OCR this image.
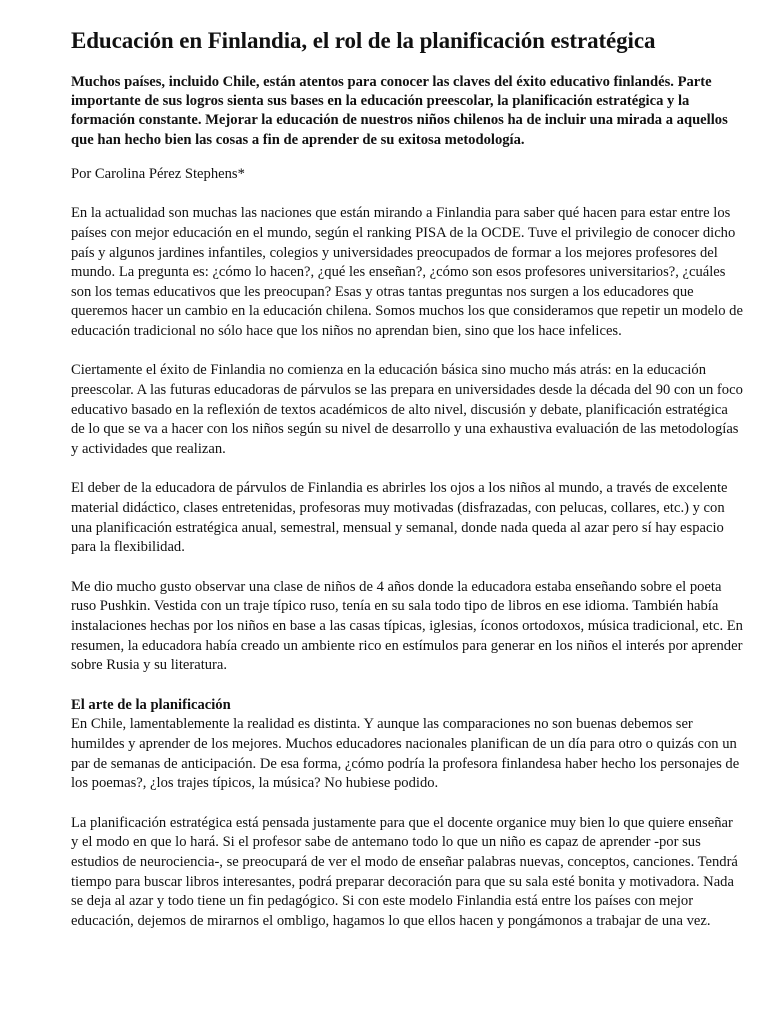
Educación en Finlandia, el rol de la planificación estratégica

Muchos países, incluido Chile, están atentos para conocer las claves del éxito educativo finlandés. Parte importante de sus logros sienta sus bases en la educación preescolar, la planificación estratégica y la formación constante. Mejorar la educación de nuestros niños chilenos ha de incluir una mirada a aquellos que han hecho bien las cosas a fin de aprender de su exitosa metodología.

Por Carolina Pérez Stephens*

En la actualidad son muchas las naciones que están mirando a Finlandia para saber qué hacen para estar entre los países con mejor educación en el mundo, según el ranking PISA de la OCDE. Tuve el privilegio de conocer dicho país y algunos jardines infantiles, colegios y universidades preocupados de formar a los mejores profesores del mundo. La pregunta es: ¿cómo lo hacen?, ¿qué les enseñan?, ¿cómo son esos profesores universitarios?, ¿cuáles son los temas educativos que les preocupan? Esas y otras tantas preguntas nos surgen a los educadores que queremos hacer un cambio en la educación chilena. Somos muchos los que consideramos que repetir un modelo de educación tradicional no sólo hace que los niños no aprendan bien, sino que los hace infelices.

Ciertamente el éxito de Finlandia no comienza en la educación básica sino mucho más atrás: en la educación preescolar. A las futuras educadoras de párvulos se las prepara en universidades desde la década del 90 con un foco educativo basado en la reflexión de textos académicos de alto nivel, discusión y debate, planificación estratégica de lo que se va a hacer con los niños según su nivel de desarrollo y una exhaustiva evaluación de las metodologías y actividades que realizan.

El deber de la educadora de párvulos de Finlandia es abrirles los ojos a los niños al mundo, a través de excelente material didáctico, clases entretenidas, profesoras muy motivadas (disfrazadas, con pelucas, collares, etc.) y con una planificación estratégica anual, semestral, mensual y semanal, donde nada queda al azar pero sí hay espacio para la flexibilidad.

Me dio mucho gusto observar una clase de niños de 4 años donde la educadora estaba enseñando sobre el poeta ruso Pushkin. Vestida con un traje típico ruso, tenía en su sala todo tipo de libros en ese idioma. También había instalaciones hechas por los niños en base a las casas típicas, iglesias, íconos ortodoxos, música tradicional, etc. En resumen, la educadora había creado un ambiente rico en estímulos para generar en los niños el interés por aprender sobre Rusia y su literatura.

El arte de la planificación

En Chile, lamentablemente la realidad es distinta. Y aunque las comparaciones no son buenas debemos ser humildes y aprender de los mejores. Muchos educadores nacionales planifican de un día para otro o quizás con un par de semanas de anticipación. De esa forma, ¿cómo podría la profesora finlandesa haber hecho los personajes de los poemas?, ¿los trajes típicos, la música? No hubiese podido.

La planificación estratégica está pensada justamente para que el docente organice muy bien lo que quiere enseñar y el modo en que lo hará. Si el profesor sabe de antemano todo lo que un niño es capaz de aprender -por sus estudios de neurociencia-, se preocupará de ver el modo de enseñar palabras nuevas, conceptos, canciones. Tendrá tiempo para buscar libros interesantes, podrá preparar decoración para que su sala esté bonita y motivadora. Nada se deja al azar y todo tiene un fin pedagógico. Si con este modelo Finlandia está entre los países con mejor educación, dejemos de mirarnos el ombligo, hagamos lo que ellos hacen y pongámonos a trabajar de una vez.
